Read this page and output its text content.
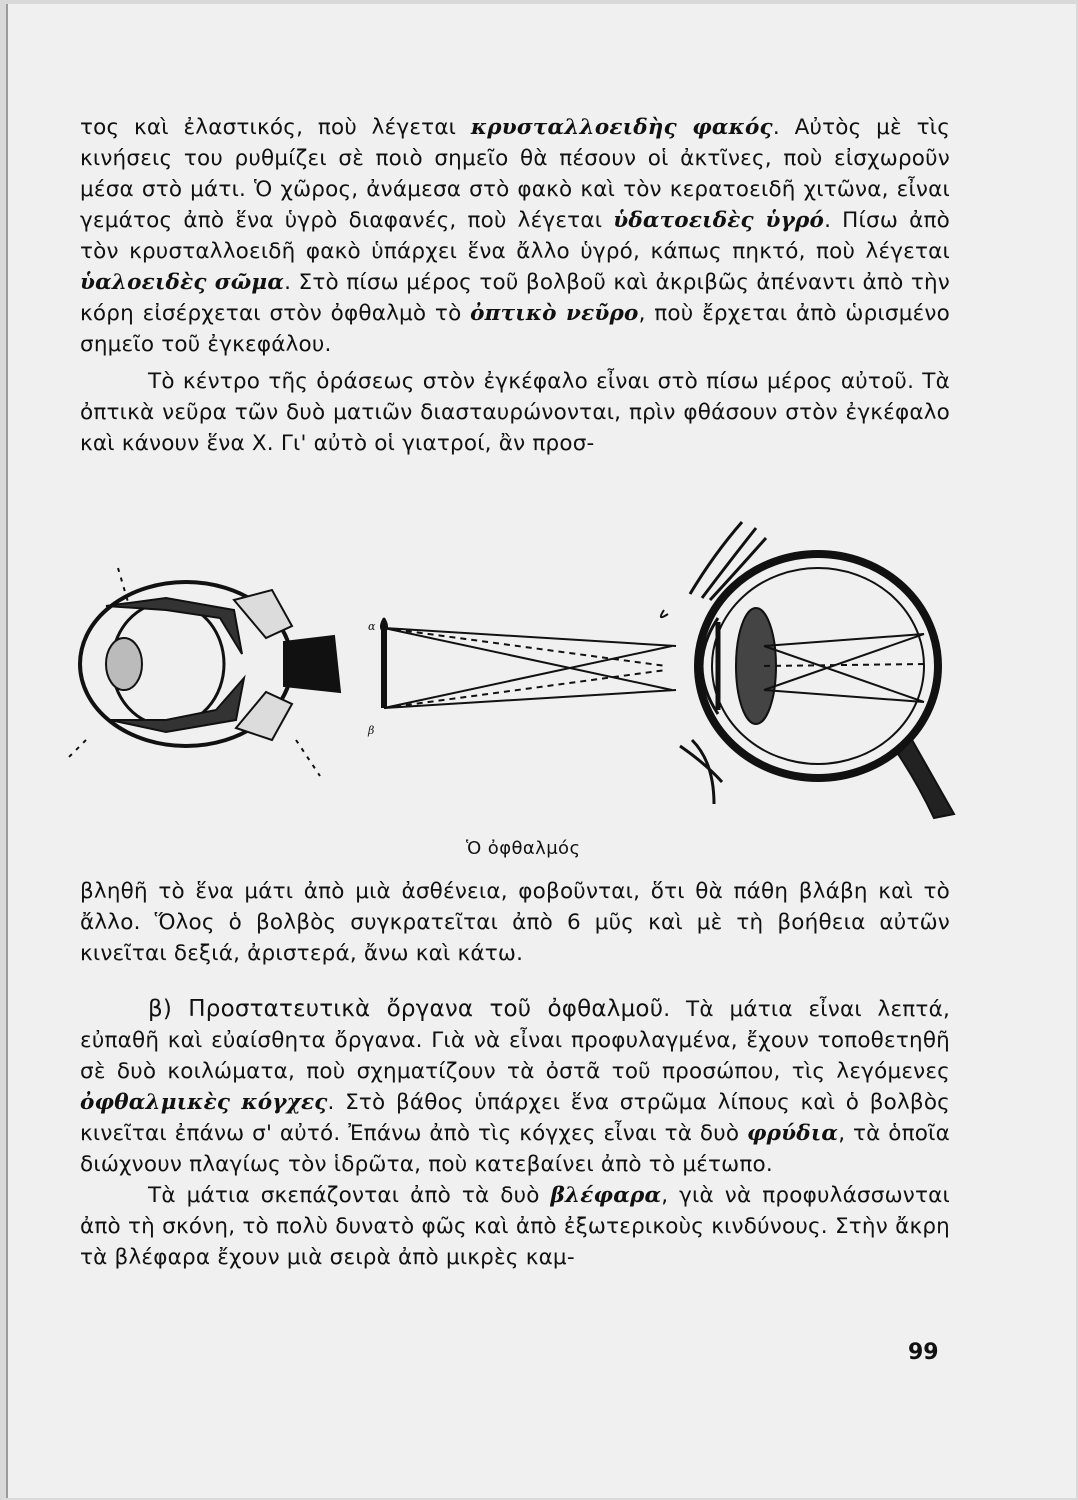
τος καὶ ἐλαστικός, ποὺ λέγεται κρυσταλλοειδὴς φακός. Αὐτὸς μὲ τὶς κινήσεις του ρυθμίζει σὲ ποιὸ σημεῖο θὰ πέσουν οἱ ἀκτῖνες, ποὺ εἰσχωροῦν μέσα στὸ μάτι. Ὁ χῶρος, ἀνάμεσα στὸ φακὸ καὶ τὸν κερατοειδῆ χιτῶνα, εἶναι γεμάτος ἀπὸ ἕνα ὑγρὸ διαφανές, ποὺ λέγεται ὑδατοειδὲς ὑγρό. Πίσω ἀπὸ τὸν κρυσταλλοειδῆ φακὸ ὑπάρχει ἕνα ἄλλο ὑγρό, κάπως πηκτό, ποὺ λέγεται ὑαλοειδὲς σῶμα. Στὸ πίσω μέρος τοῦ βολβοῦ καὶ ἀκριβῶς ἀπέναντι ἀπὸ τὴν κόρη εἰσέρχεται στὸν ὀφθαλμὸ τὸ ὀπτικὸ νεῦρο, ποὺ ἔρχεται ἀπὸ ὡρισμένο σημεῖο τοῦ ἐγκεφάλου.

Τὸ κέντρο τῆς ὁράσεως στὸν ἐγκέφαλο εἶναι στὸ πίσω μέρος αὐτοῦ. Τὰ ὀπτικὰ νεῦρα τῶν δυὸ ματιῶν διασταυρώνονται, πρὶν φθάσουν στὸν ἐγκέφαλο καὶ κάνουν ἕνα Χ. Γι' αὐτὸ οἱ γιατροί, ἂν προσ-

α
β
Ὁ ὀφθαλμός

βληθῆ τὸ ἕνα μάτι ἀπὸ μιὰ ἀσθένεια, φοβοῦνται, ὅτι θὰ πάθη βλάβη καὶ τὸ ἄλλο. Ὅλος ὁ βολβὸς συγκρατεῖται ἀπὸ 6 μῦς καὶ μὲ τὴ βοήθεια αὐτῶν κινεῖται δεξιά, ἀριστερά, ἄνω καὶ κάτω.

β) Προστατευτικὰ ὄργανα τοῦ ὀφθαλμοῦ. Τὰ μάτια εἶναι λεπτά, εὐπαθῆ καὶ εὐαίσθητα ὄργανα. Γιὰ νὰ εἶναι προφυλαγμένα, ἔχουν τοποθετηθῆ σὲ δυὸ κοιλώματα, ποὺ σχηματίζουν τὰ ὀστᾶ τοῦ προσώπου, τὶς λεγόμενες ὀφθαλμικὲς κόγχες. Στὸ βάθος ὑπάρχει ἕνα στρῶμα λίπους καὶ ὁ βολβὸς κινεῖται ἐπάνω σ' αὐτό. Ἐπάνω ἀπὸ τὶς κόγχες εἶναι τὰ δυὸ φρύδια, τὰ ὁποῖα διώχνουν πλαγίως τὸν ἱδρῶτα, ποὺ κατεβαίνει ἀπὸ τὸ μέτωπο.

Τὰ μάτια σκεπάζονται ἀπὸ τὰ δυὸ βλέφαρα, γιὰ νὰ προφυλάσσωνται ἀπὸ τὴ σκόνη, τὸ πολὺ δυνατὸ φῶς καὶ ἀπὸ ἐξωτερικοὺς κινδύνους. Στὴν ἄκρη τὰ βλέφαρα ἔχουν μιὰ σειρὰ ἀπὸ μικρὲς καμ-

99
